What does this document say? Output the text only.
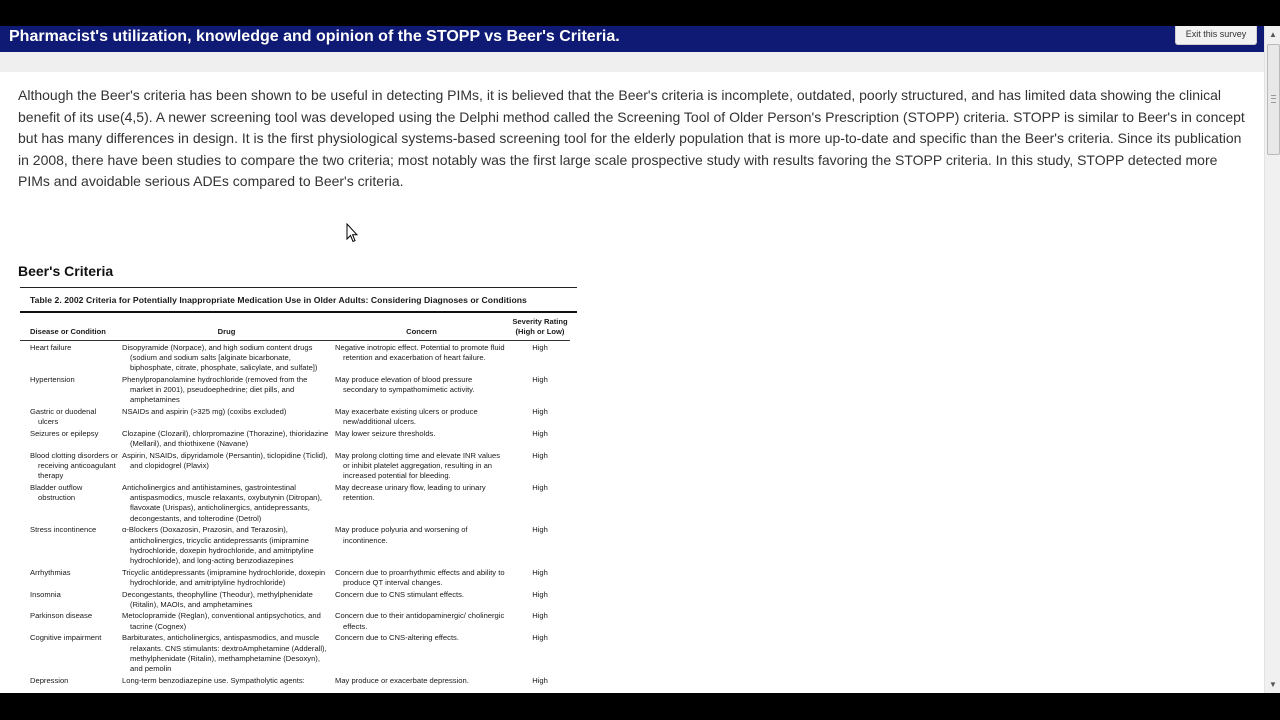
Pharmacist's utilization, knowledge and opinion of the STOPP vs Beer's Criteria.	Exit this survey

Although the Beer's criteria has been shown to be useful in detecting PIMs, it is believed that the Beer's criteria is incomplete, outdated, poorly structured, and has limited data showing the clinical benefit of its use(4,5). A newer screening tool was developed using the Delphi method called the Screening Tool of Older Person's Prescription (STOPP) criteria. STOPP is similar to Beer's in concept but has many differences in design. It is the first physiological systems-based screening tool for the elderly population that is more up-to-date and specific than the Beer's criteria. Since its publication in 2008, there have been studies to compare the two criteria; most notably was the first large scale prospective study with results favoring the STOPP criteria. In this study, STOPP detected more PIMs and avoidable serious ADEs compared to Beer's criteria.

Beer's Criteria
Table 2. 2002 Criteria for Potentially Inappropriate Medication Use in Older Adults: Considering Diagnoses or Conditions
Disease or Condition	Drug	Concern	Severity Rating
(High or Low)

Heart failure	Disopyramide (Norpace), and high sodium content drugs (sodium and sodium salts [alginate bicarbonate, biphosphate, citrate, phosphate, salicylate, and sulfate])	Negative inotropic effect. Potential to promote fluid retention and exacerbation of heart failure.	High

Hypertension	Phenylpropanolamine hydrochloride (removed from the market in 2001), pseudoephedrine; diet pills, and amphetamines	May produce elevation of blood pressure secondary to sympathomimetic activity.	High

Gastric or duodenal ulcers	NSAIDs and aspirin (>325 mg) (coxibs excluded)	May exacerbate existing ulcers or produce new/additional ulcers.	High

Seizures or epilepsy	Clozapine (Clozaril), chlorpromazine (Thorazine), thioridazine (Mellaril), and thiothixene (Navane)	May lower seizure thresholds.	High

Blood clotting disorders or receiving anticoagulant therapy	Aspirin, NSAIDs, dipyridamole (Persantin), ticlopidine (Ticlid), and clopidogrel (Plavix)	May prolong clotting time and elevate INR values or inhibit platelet aggregation, resulting in an increased potential for bleeding.	High

Bladder outflow obstruction	Anticholinergics and antihistamines, gastrointestinal antispasmodics, muscle relaxants, oxybutynin (Ditropan), flavoxate (Urispas), anticholinergics, antidepressants, decongestants, and tolterodine (Detrol)	May decrease urinary flow, leading to urinary retention.	High

Stress incontinence	α-Blockers (Doxazosin, Prazosin, and Terazosin), anticholinergics, tricyclic antidepressants (imipramine hydrochloride, doxepin hydrochloride, and amitriptyline hydrochloride), and long-acting benzodiazepines	May produce polyuria and worsening of incontinence.	High

Arrhythmias	Tricyclic antidepressants (imipramine hydrochloride, doxepin hydrochloride, and amitriptyline hydrochloride)	Concern due to proarrhythmic effects and ability to produce QT interval changes.	High

Insomnia	Decongestants, theophylline (Theodur), methylphenidate (Ritalin), MAOIs, and amphetamines	Concern due to CNS stimulant effects.	High

Parkinson disease	Metoclopramide (Reglan), conventional antipsychotics, and tacrine (Cognex)	Concern due to their antidopaminergic/ cholinergic effects.	High

Cognitive impairment	Barbiturates, anticholinergics, antispasmodics, and muscle relaxants. CNS stimulants: dextroAmphetamine (Adderall), methylphenidate (Ritalin), methamphetamine (Desoxyn), and pemolin	Concern due to CNS-altering effects.	High

Depression	Long-term benzodiazepine use. Sympatholytic agents:	May produce or exacerbate depression.	High
▲
▼
